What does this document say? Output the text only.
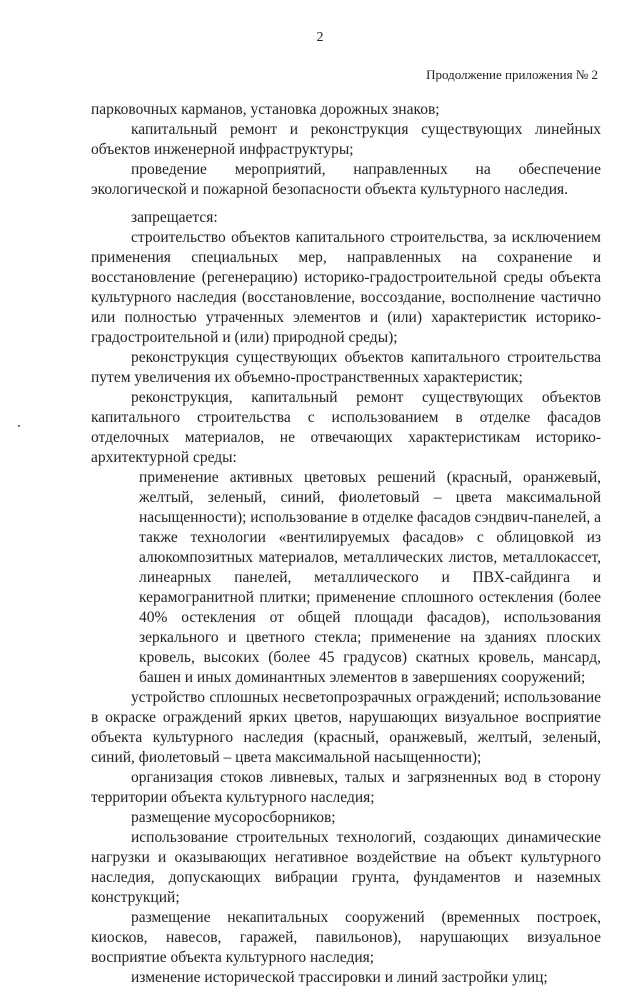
2
Продолжение приложения № 2

парковочных карманов, установка дорожных знаков;

капитальный ремонт и реконструкция существующих линейных объектов инженерной инфраструктуры;

проведение мероприятий, направленных на обеспечение экологической и пожарной безопасности объекта культурного наследия.

запрещается:

строительство объектов капитального строительства, за исключением применения специальных мер, направленных на сохранение и восстановление (регенерацию) историко-градостроительной среды объекта культурного наследия (восстановление, воссоздание, восполнение частично или полностью утраченных элементов и (или) характеристик историко-градостроительной и (или) природной среды);

реконструкция существующих объектов капитального строительства путем увеличения их объемно-пространственных характеристик;

реконструкция, капитальный ремонт существующих объектов капитального строительства с использованием в отделке фасадов отделочных материалов, не отвечающих характеристикам историко-архитектурной среды:

применение активных цветовых решений (красный, оранжевый, желтый, зеленый, синий, фиолетовый – цвета максимальной насыщенности); использование в отделке фасадов сэндвич-панелей, а также технологии «вентилируемых фасадов» с облицовкой из алюкомпозитных материалов, металлических листов, металлокассет, линеарных панелей, металлического и ПВХ-сайдинга и керамогранитной плитки; применение сплошного остекления (более 40% остекления от общей площади фасадов), использования зеркального и цветного стекла; применение на зданиях плоских кровель, высоких (более 45 градусов) скатных кровель, мансард, башен и иных доминантных элементов в завершениях сооружений;

устройство сплошных несветопрозрачных ограждений; использование в окраске ограждений ярких цветов, нарушающих визуальное восприятие объекта культурного наследия (красный, оранжевый, желтый, зеленый, синий, фиолетовый – цвета максимальной насыщенности);

организация стоков ливневых, талых и загрязненных вод в сторону территории объекта культурного наследия;

размещение мусоросборников;

использование строительных технологий, создающих динамические нагрузки и оказывающих негативное воздействие на объект культурного наследия, допускающих вибрации грунта, фундаментов и наземных конструкций;

размещение некапитальных сооружений (временных построек, киосков, навесов, гаражей, павильонов), нарушающих визуальное восприятие объекта культурного наследия;

изменение исторической трассировки и линий застройки улиц;
